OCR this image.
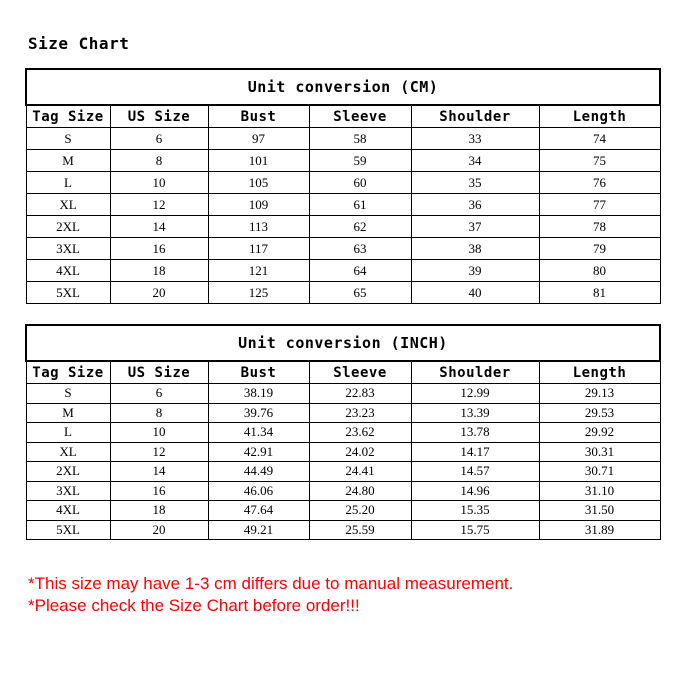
Size Chart
Unit conversion (CM)					
Tag Size	US Size	Bust	Sleeve	Shoulder	Length
S	6	97	58	33	74
M	8	101	59	34	75
L	10	105	60	35	76
XL	12	109	61	36	77
2XL	14	113	62	37	78
3XL	16	117	63	38	79
4XL	18	121	64	39	80
5XL	20	125	65	40	81
Unit conversion (INCH)					
Tag Size	US Size	Bust	Sleeve	Shoulder	Length
S	6	38.19	22.83	12.99	29.13
M	8	39.76	23.23	13.39	29.53
L	10	41.34	23.62	13.78	29.92
XL	12	42.91	24.02	14.17	30.31
2XL	14	44.49	24.41	14.57	30.71
3XL	16	46.06	24.80	14.96	31.10
4XL	18	47.64	25.20	15.35	31.50
5XL	20	49.21	25.59	15.75	31.89
*This size may have 1-3 cm differs due to manual measurement.
*Please check the Size Chart before order!!!
